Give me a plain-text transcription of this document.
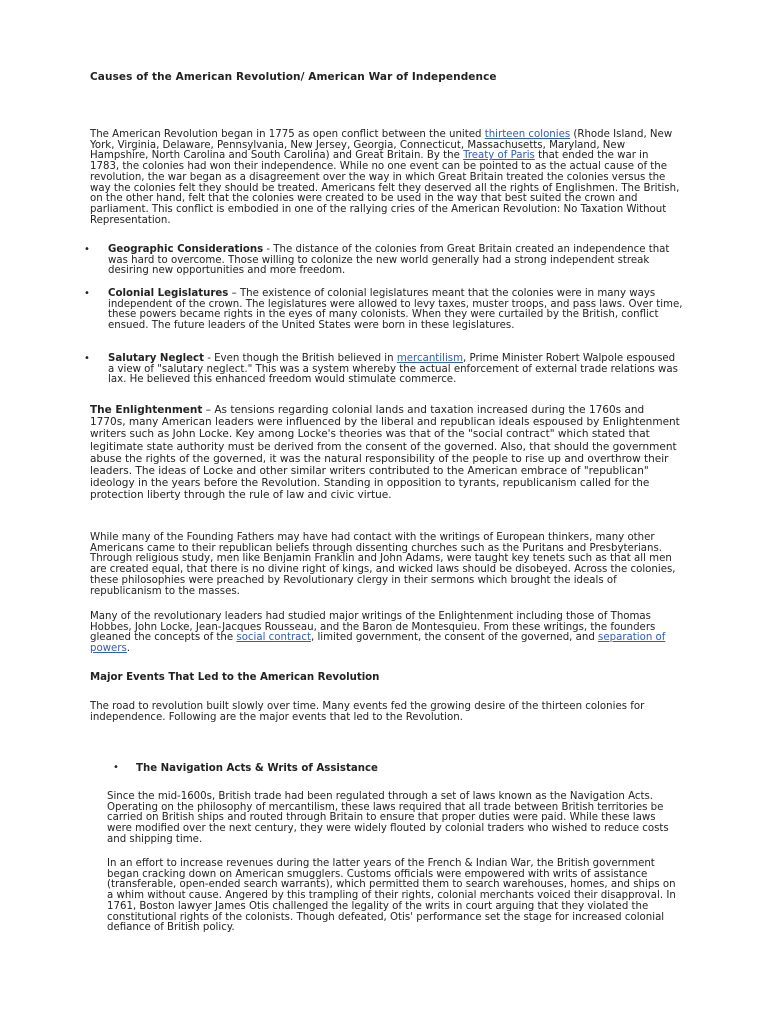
Causes of the American Revolution/ American War of Independence

The American Revolution began in 1775 as open conflict between the united thirteen colonies (Rhode Island, New York, Virginia, Delaware, Pennsylvania, New Jersey, Georgia, Connecticut, Massachusetts, Maryland, New Hampshire, North Carolina and South Carolina) and Great Britain. By the Treaty of Paris that ended the war in 1783, the colonies had won their independence. While no one event can be pointed to as the actual cause of the revolution, the war began as a disagreement over the way in which Great Britain treated the colonies versus the way the colonies felt they should be treated. Americans felt they deserved all the rights of Englishmen. The British, on the other hand, felt that the colonies were created to be used in the way that best suited the crown and parliament. This conflict is embodied in one of the rallying cries of the American Revolution: No Taxation Without Representation.

• Geographic Considerations - The distance of the colonies from Great Britain created an independence that was hard to overcome. Those willing to colonize the new world generally had a strong independent streak desiring new opportunities and more freedom.

• Colonial Legislatures – The existence of colonial legislatures meant that the colonies were in many ways independent of the crown. The legislatures were allowed to levy taxes, muster troops, and pass laws. Over time, these powers became rights in the eyes of many colonists. When they were curtailed by the British, conflict ensued. The future leaders of the United States were born in these legislatures.

• Salutary Neglect - Even though the British believed in mercantilism, Prime Minister Robert Walpole espoused a view of "salutary neglect." This was a system whereby the actual enforcement of external trade relations was lax. He believed this enhanced freedom would stimulate commerce.

The Enlightenment – As tensions regarding colonial lands and taxation increased during the 1760s and 1770s, many American leaders were influenced by the liberal and republican ideals espoused by Enlightenment writers such as John Locke. Key among Locke's theories was that of the "social contract" which stated that legitimate state authority must be derived from the consent of the governed. Also, that should the government abuse the rights of the governed, it was the natural responsibility of the people to rise up and overthrow their leaders. The ideas of Locke and other similar writers contributed to the American embrace of "republican" ideology in the years before the Revolution. Standing in opposition to tyrants, republicanism called for the protection liberty through the rule of law and civic virtue.

While many of the Founding Fathers may have had contact with the writings of European thinkers, many other Americans came to their republican beliefs through dissenting churches such as the Puritans and Presbyterians. Through religious study, men like Benjamin Franklin and John Adams, were taught key tenets such as that all men are created equal, that there is no divine right of kings, and wicked laws should be disobeyed. Across the colonies, these philosophies were preached by Revolutionary clergy in their sermons which brought the ideals of republicanism to the masses.

Many of the revolutionary leaders had studied major writings of the Enlightenment including those of Thomas Hobbes, John Locke, Jean-Jacques Rousseau, and the Baron de Montesquieu. From these writings, the founders gleaned the concepts of the social contract, limited government, the consent of the governed, and separation of powers.

Major Events That Led to the American Revolution

The road to revolution built slowly over time. Many events fed the growing desire of the thirteen colonies for independence. Following are the major events that led to the Revolution.

• The Navigation Acts & Writs of Assistance

Since the mid-1600s, British trade had been regulated through a set of laws known as the Navigation Acts. Operating on the philosophy of mercantilism, these laws required that all trade between British territories be carried on British ships and routed through Britain to ensure that proper duties were paid. While these laws were modified over the next century, they were widely flouted by colonial traders who wished to reduce costs and shipping time.

In an effort to increase revenues during the latter years of the French & Indian War, the British government began cracking down on American smugglers. Customs officials were empowered with writs of assistance (transferable, open-ended search warrants), which permitted them to search warehouses, homes, and ships on a whim without cause. Angered by this trampling of their rights, colonial merchants voiced their disapproval. In 1761, Boston lawyer James Otis challenged the legality of the writs in court arguing that they violated the constitutional rights of the colonists. Though defeated, Otis' performance set the stage for increased colonial defiance of British policy.
